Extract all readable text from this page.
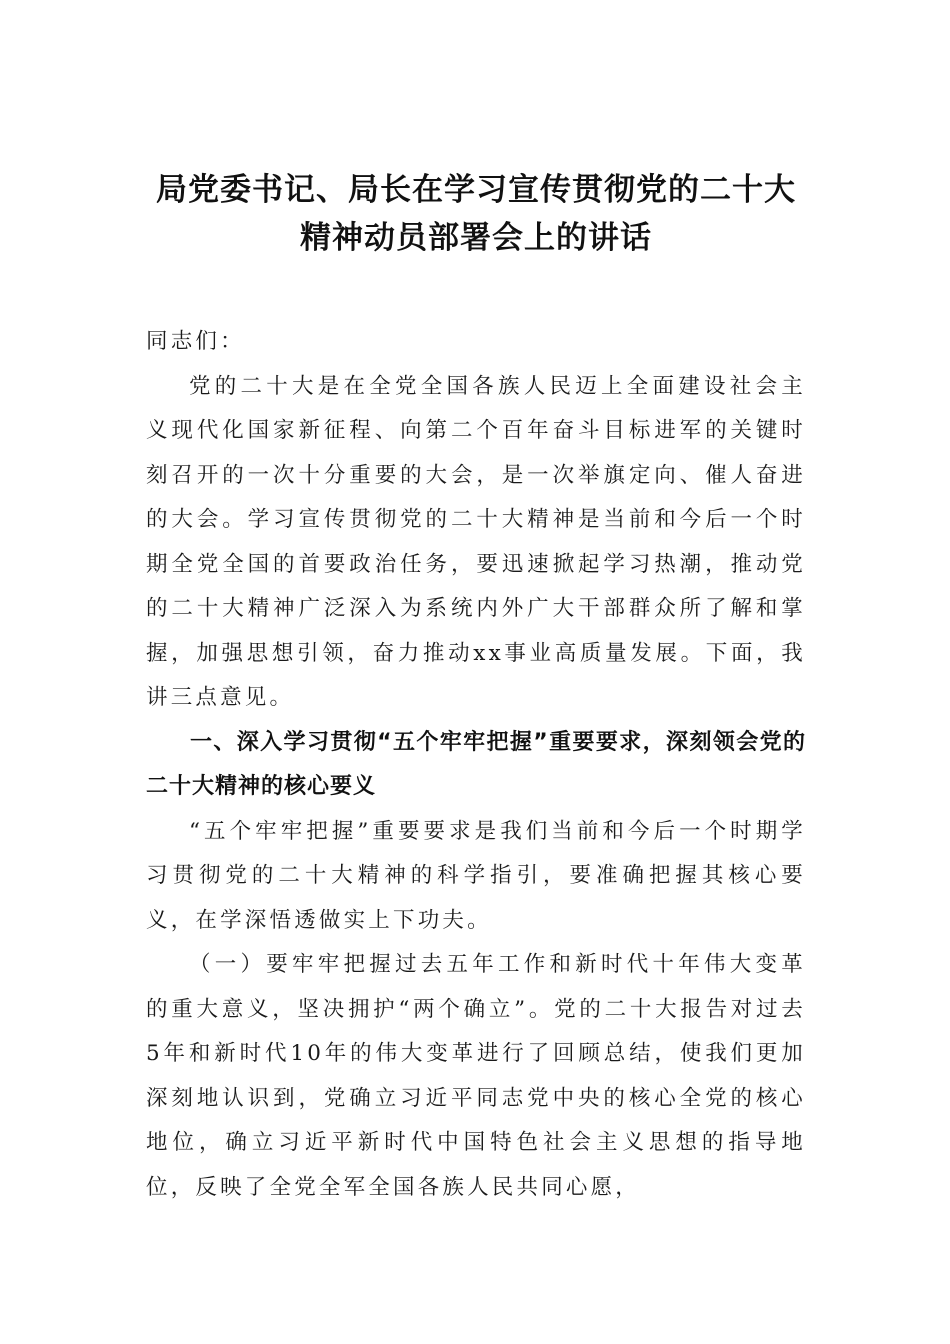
局党委书记、局长在学习宣传贯彻党的二十大精神动员部署会上的讲话

同志们：

党的二十大是在全党全国各族人民迈上全面建设社会主义现代化国家新征程、向第二个百年奋斗目标进军的关键时刻召开的一次十分重要的大会，是一次举旗定向、催人奋进的大会。学习宣传贯彻党的二十大精神是当前和今后一个时期全党全国的首要政治任务，要迅速掀起学习热潮，推动党的二十大精神广泛深入为系统内外广大干部群众所了解和掌握，加强思想引领，奋力推动xx事业高质量发展。下面，我讲三点意见。

一、深入学习贯彻“五个牢牢把握”重要要求，深刻领会党的二十大精神的核心要义

“五个牢牢把握”重要要求是我们当前和今后一个时期学习贯彻党的二十大精神的科学指引，要准确把握其核心要义，在学深悟透做实上下功夫。

（一）要牢牢把握过去五年工作和新时代十年伟大变革的重大意义，坚决拥护“两个确立”。党的二十大报告对过去5年和新时代10年的伟大变革进行了回顾总结，使我们更加深刻地认识到，党确立习近平同志党中央的核心全党的核心地位，确立习近平新时代中国特色社会主义思想的指导地位，反映了全党全军全国各族人民共同心愿，
